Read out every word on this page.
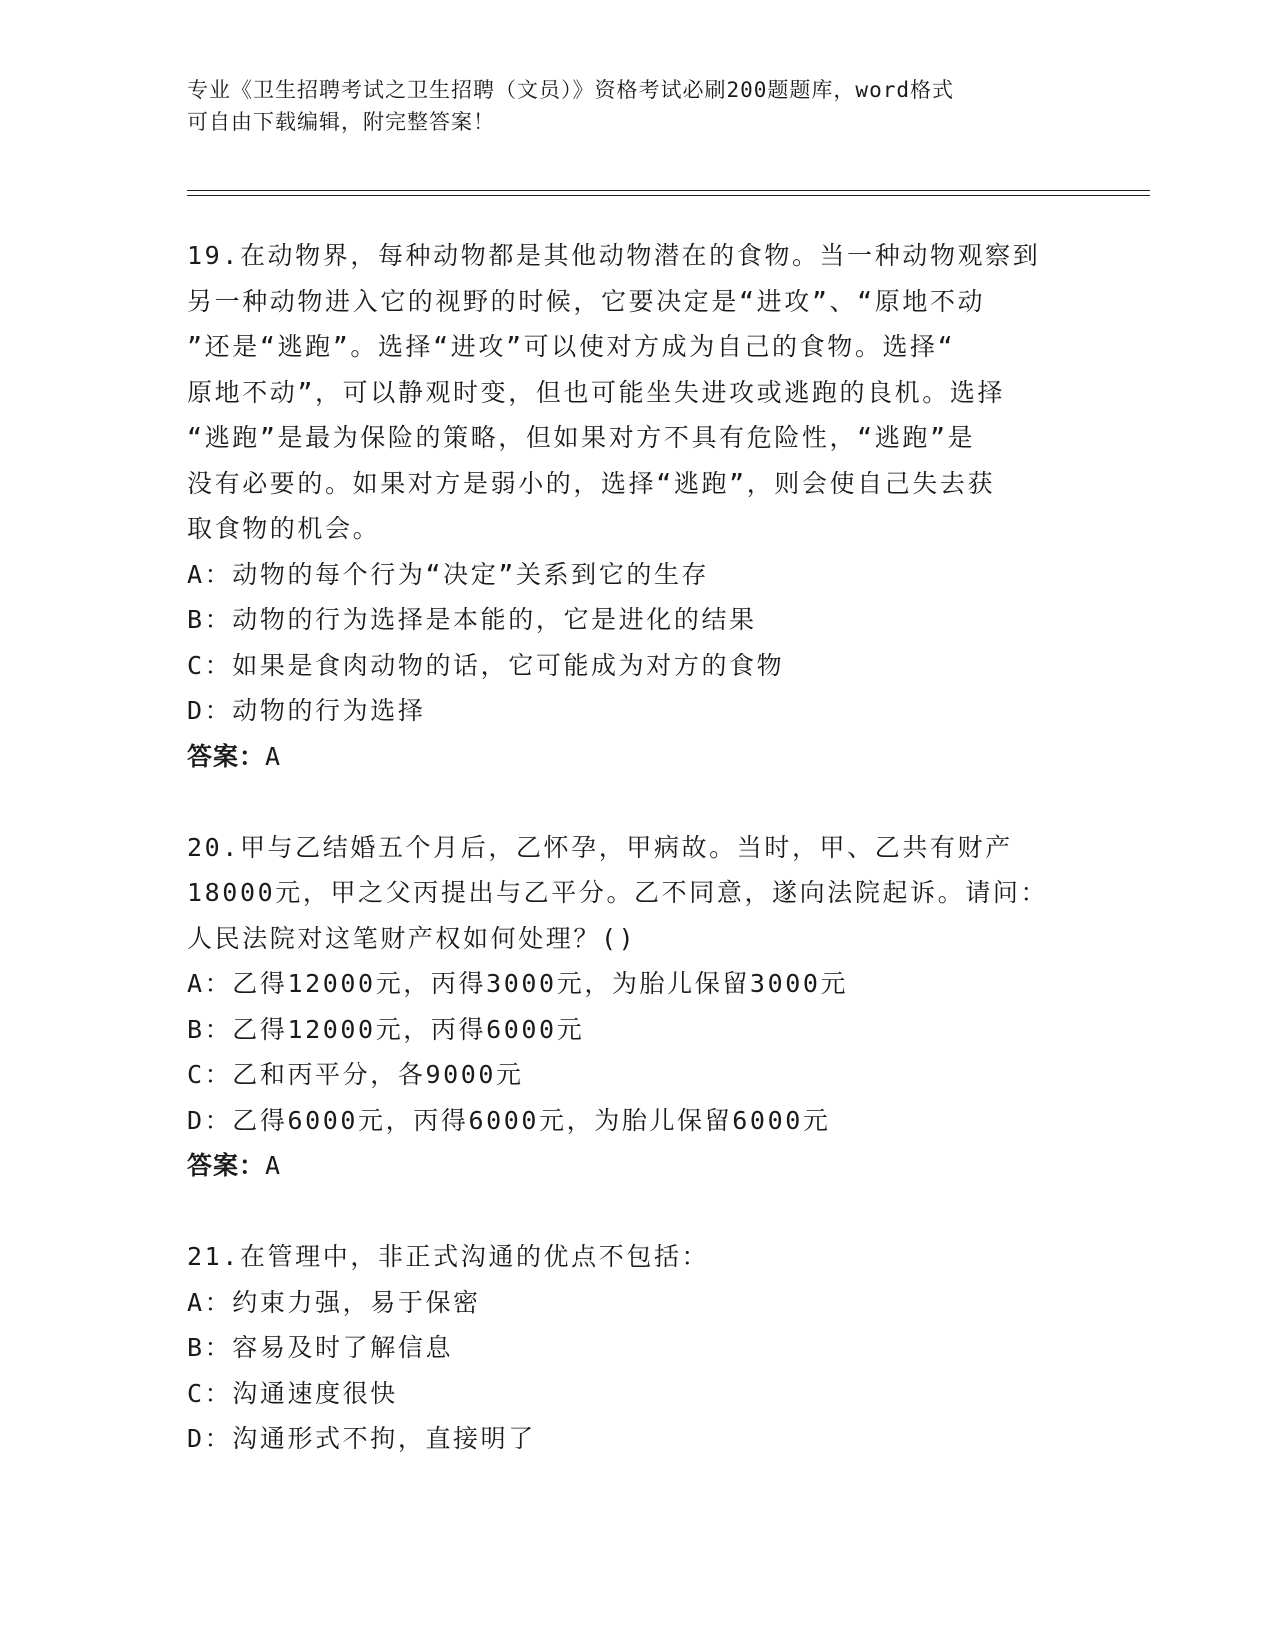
专业《卫生招聘考试之卫生招聘（文员）》资格考试必刷200题题库，word格式
可自由下载编辑，附完整答案！
19.在动物界，每种动物都是其他动物潜在的食物。当一种动物观察到
另一种动物进入它的视野的时候，它要决定是“进攻”、“原地不动
”还是“逃跑”。选择“进攻”可以使对方成为自己的食物。选择“
原地不动”，可以静观时变，但也可能坐失进攻或逃跑的良机。选择
“逃跑”是最为保险的策略，但如果对方不具有危险性，“逃跑”是
没有必要的。如果对方是弱小的，选择“逃跑”，则会使自己失去获
取食物的机会。
A：动物的每个行为“决定”关系到它的生存
B：动物的行为选择是本能的，它是进化的结果
C：如果是食肉动物的话，它可能成为对方的食物
D：动物的行为选择
答案：A
20.甲与乙结婚五个月后，乙怀孕，甲病故。当时，甲、乙共有财产
18000元，甲之父丙提出与乙平分。乙不同意，遂向法院起诉。请问：
人民法院对这笔财产权如何处理？()
A：乙得12000元，丙得3000元，为胎儿保留3000元
B：乙得12000元，丙得6000元
C：乙和丙平分，各9000元
D：乙得6000元，丙得6000元，为胎儿保留6000元
答案：A
21.在管理中，非正式沟通的优点不包括：
A：约束力强，易于保密
B：容易及时了解信息
C：沟通速度很快
D：沟通形式不拘，直接明了
